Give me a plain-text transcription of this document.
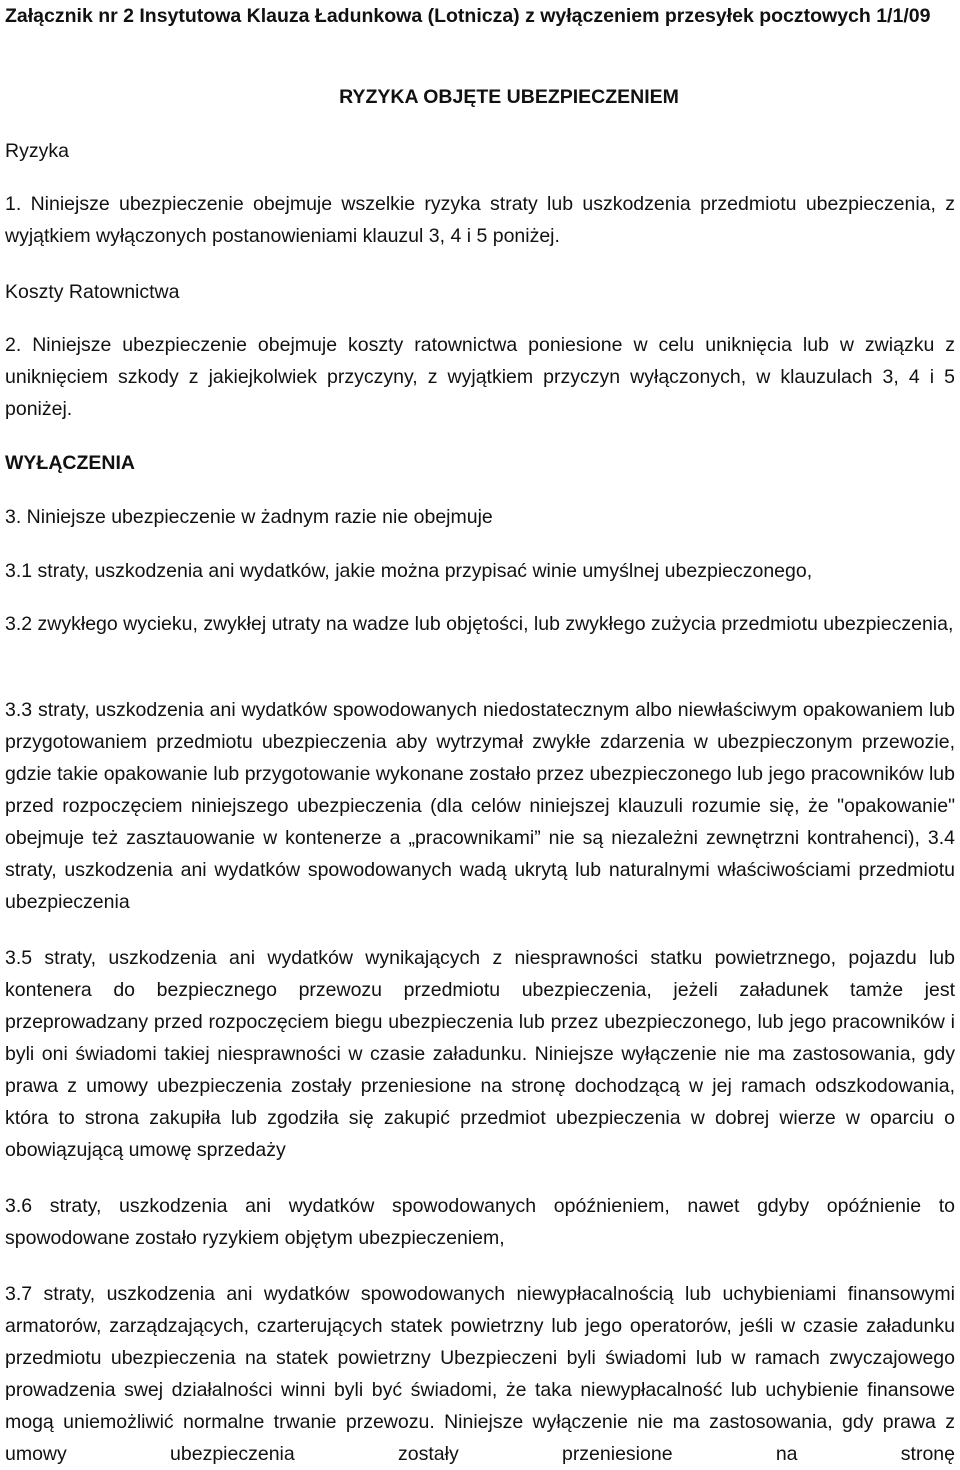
Załącznik nr 2 Insytutowa Klauza Ładunkowa (Lotnicza) z wyłączeniem przesyłek pocztowych 1/1/09

RYZYKA OBJĘTE UBEZPIECZENIEM

Ryzyka

1. Niniejsze ubezpieczenie obejmuje wszelkie ryzyka straty lub uszkodzenia przedmiotu ubezpieczenia, z wyjątkiem wyłączonych postanowieniami klauzul 3, 4 i 5 poniżej.

Koszty Ratownictwa

2. Niniejsze ubezpieczenie obejmuje koszty ratownictwa poniesione w celu uniknięcia lub w związku z uniknięciem szkody z jakiejkolwiek przyczyny, z wyjątkiem przyczyn wyłączonych, w klauzulach 3, 4 i 5 poniżej.

WYŁĄCZENIA

3. Niniejsze ubezpieczenie w żadnym razie nie obejmuje

3.1 straty, uszkodzenia ani wydatków, jakie można przypisać winie umyślnej ubezpieczonego,

3.2 zwykłego wycieku, zwykłej utraty na wadze lub objętości, lub zwykłego zużycia przedmiotu ubezpieczenia,

3.3 straty, uszkodzenia ani wydatków spowodowanych niedostatecznym albo niewłaściwym opakowaniem lub przygotowaniem przedmiotu ubezpieczenia aby wytrzymał zwykłe zdarzenia w ubezpieczonym przewozie, gdzie takie opakowanie lub przygotowanie wykonane zostało przez ubezpieczonego lub jego pracowników lub przed rozpoczęciem niniejszego ubezpieczenia (dla celów niniejszej klauzuli rozumie się, że "opakowanie" obejmuje też zasztauowanie w kontenerze a „pracownikami” nie są niezależni zewnętrzni kontrahenci), 3.4 straty, uszkodzenia ani wydatków spowodowanych wadą ukrytą lub naturalnymi właściwościami przedmiotu ubezpieczenia

3.5 straty, uszkodzenia ani wydatków wynikających z niesprawności statku powietrznego, pojazdu lub kontenera do bezpiecznego przewozu przedmiotu ubezpieczenia, jeżeli załadunek tamże jest przeprowadzany przed rozpoczęciem biegu ubezpieczenia lub przez ubezpieczonego, lub jego pracowników i byli oni świadomi takiej niesprawności w czasie załadunku. Niniejsze wyłączenie nie ma zastosowania, gdy prawa z umowy ubezpieczenia zostały przeniesione na stronę dochodzącą w jej ramach odszkodowania, która to strona zakupiła lub zgodziła się zakupić przedmiot ubezpieczenia w dobrej wierze w oparciu o obowiązującą umowę sprzedaży

3.6 straty, uszkodzenia ani wydatków spowodowanych opóźnieniem, nawet gdyby opóźnienie to spowodowane zostało ryzykiem objętym ubezpieczeniem,

3.7 straty, uszkodzenia ani wydatków spowodowanych niewypłacalnością lub uchybieniami finansowymi armatorów, zarządzających, czarterujących statek powietrzny lub jego operatorów, jeśli w czasie załadunku przedmiotu ubezpieczenia na statek powietrzny Ubezpieczeni byli świadomi lub w ramach zwyczajowego prowadzenia swej działalności winni byli być świadomi, że taka niewypłacalność lub uchybienie finansowe mogą uniemożliwić normalne trwanie przewozu. Niniejsze wyłączenie nie ma zastosowania, gdy prawa z umowy ubezpieczenia zostały przeniesione na stronę
